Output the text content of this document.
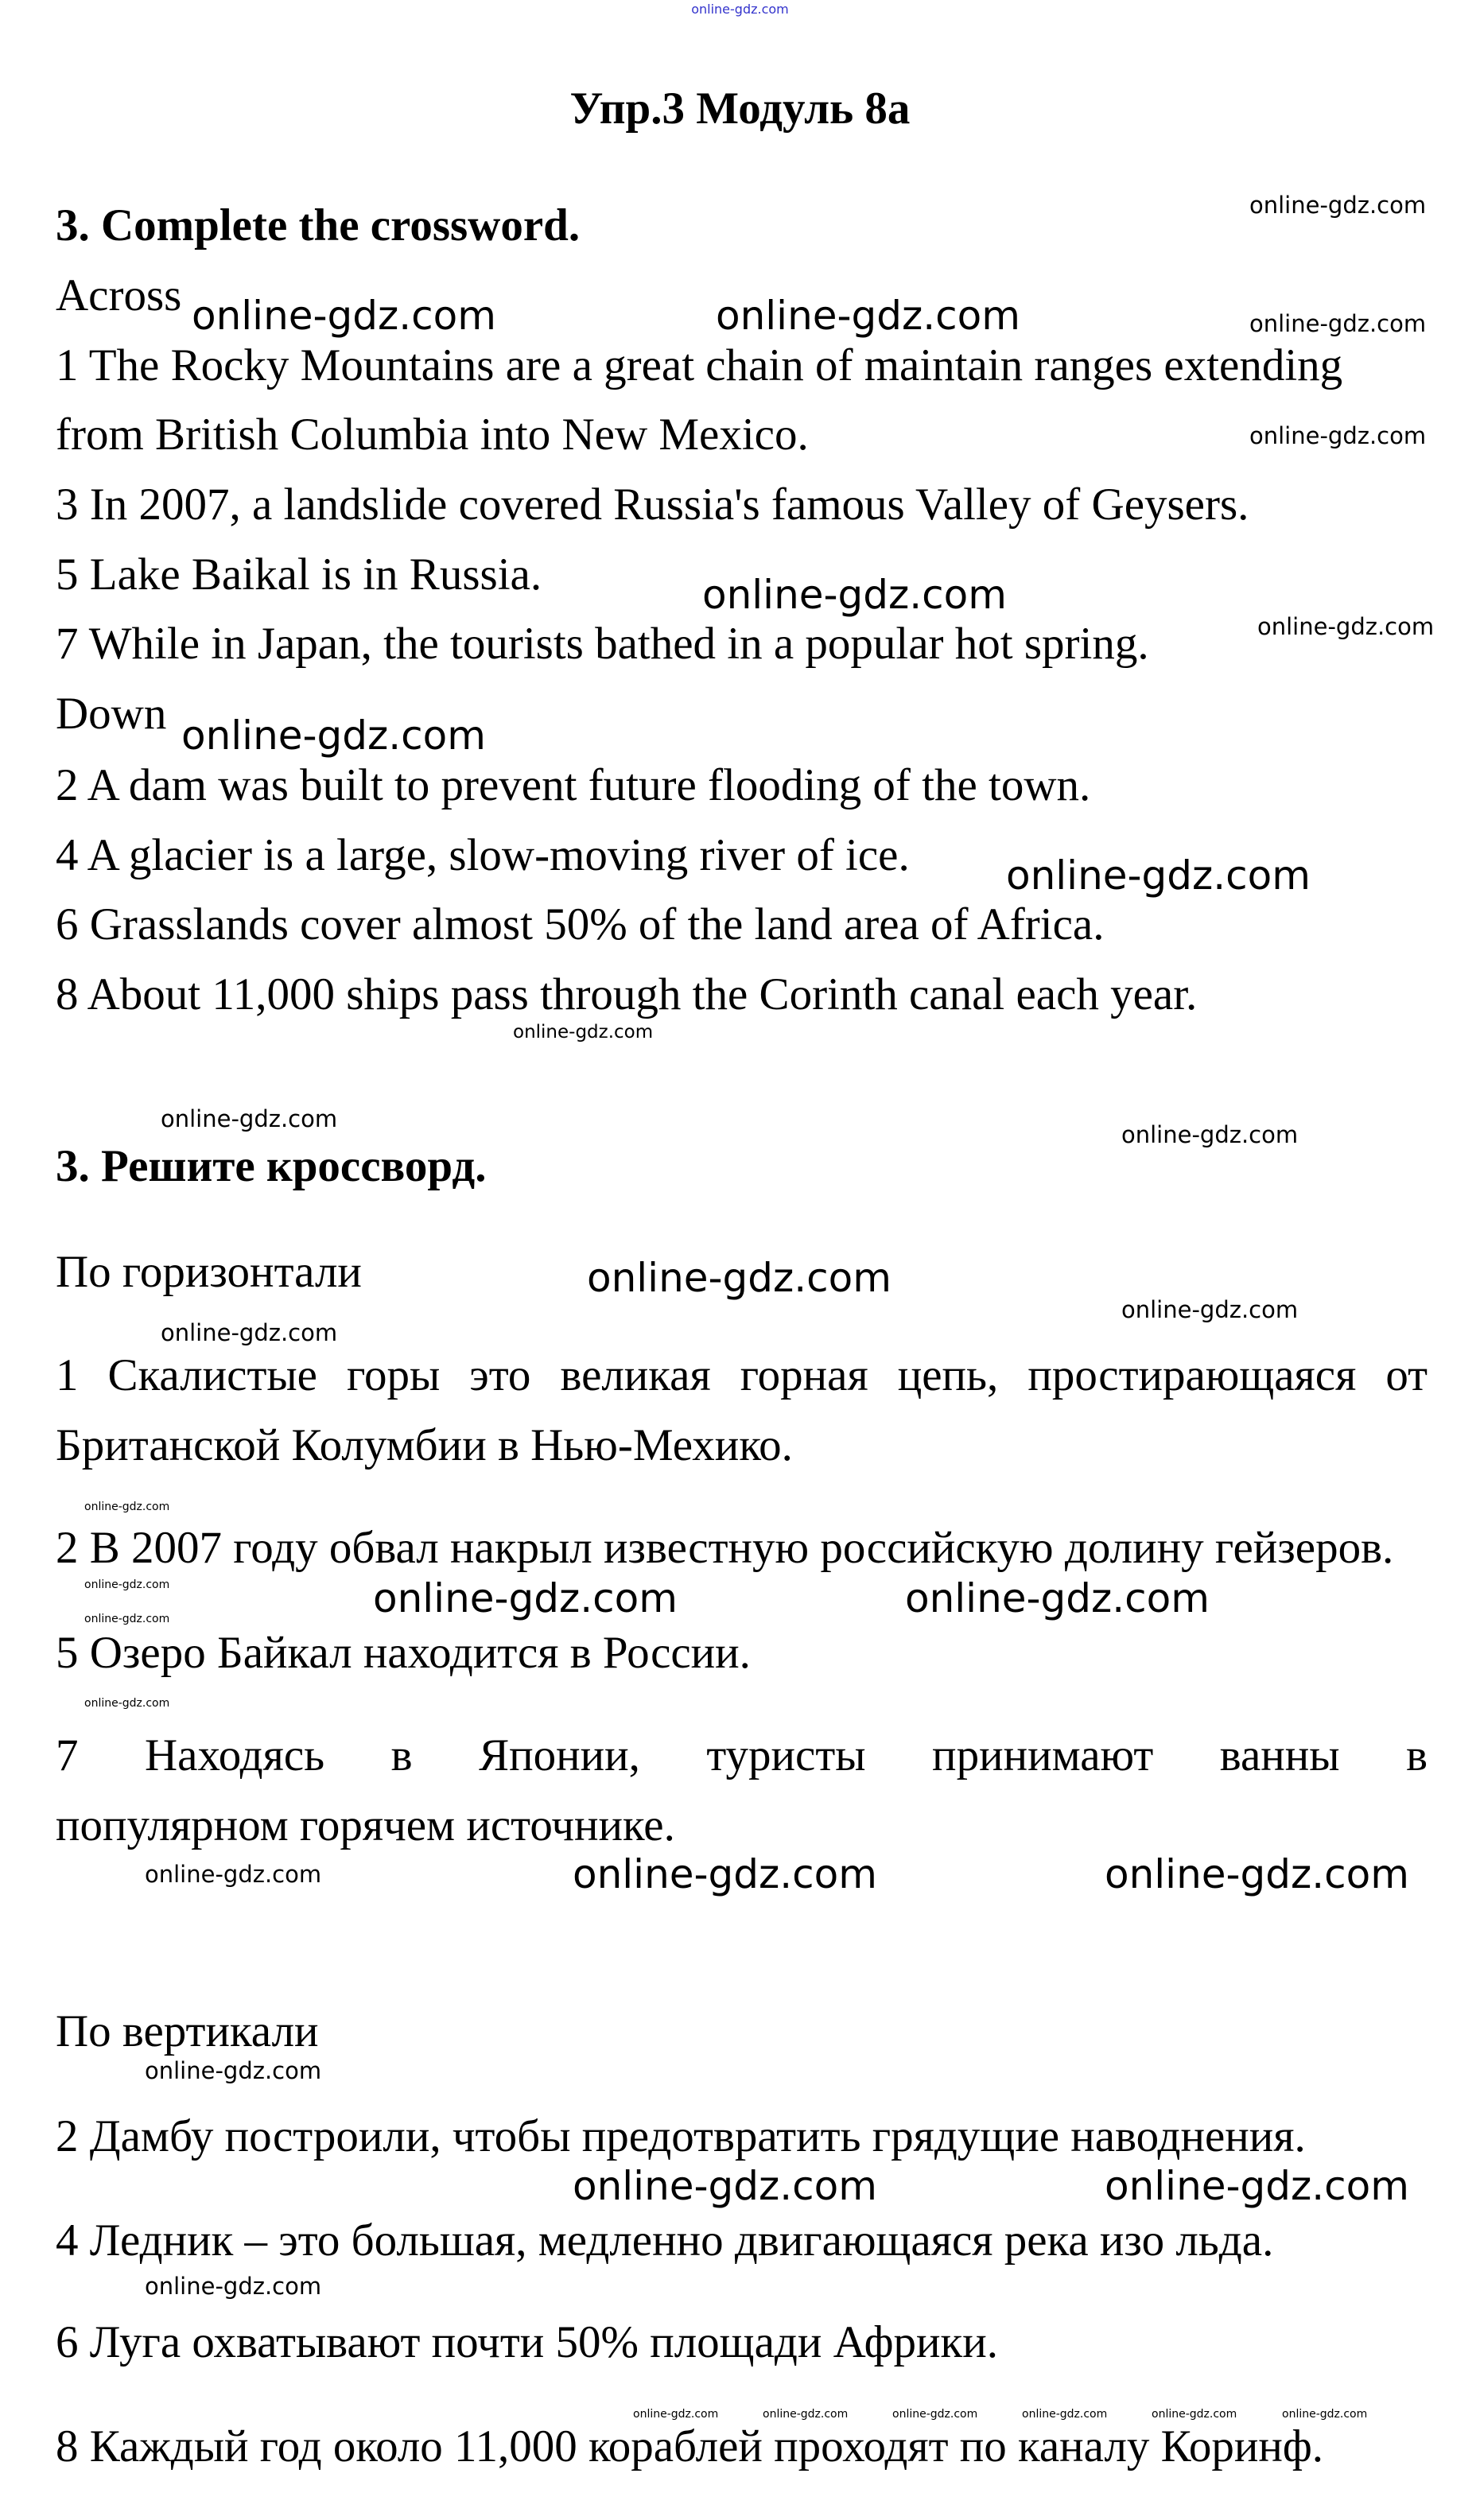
online-gdz.com
Упр.3 Модуль 8а
3. Complete the crossword.
Across
1 The Rocky Mountains are a great chain of maintain ranges extending
from British Columbia into New Mexico.
3 In 2007, a landslide covered Russia's famous Valley of Geysers.
5 Lake Baikal is in Russia.
7 While in Japan, the tourists bathed in a popular hot spring.
Down
2 A dam was built to prevent future flooding of the town.
4 A glacier is a large, slow-moving river of ice.
6 Grasslands cover almost 50% of the land area of Africa.
8 About 11,000 ships pass through the Corinth canal each year.
3. Решите кроссворд.
По горизонтали
1 Скалистые горы это великая горная цепь, простирающаяся от
Британской Колумбии в Нью-Мехико.
2 В 2007 году обвал накрыл известную российскую долину гейзеров.
5 Озеро Байкал находится в России.
7 Находясь в Японии, туристы принимают ванны в
популярном горячем источнике.
По вертикали
2 Дамбу построили, чтобы предотвратить грядущие наводнения.
4 Ледник – это большая, медленно двигающаяся река изо льда.
6 Луга охватывают почти 50% площади Африки.
8 Каждый год около 11,000 кораблей проходят по каналу Коринф.
online-gdz.com	online-gdz.com
online-gdz.com
online-gdz.com
online-gdz.com
online-gdz.com
online-gdz.com	online-gdz.com
online-gdz.com	online-gdz.com
online-gdz.com	online-gdz.com
online-gdz.com
online-gdz.com
online-gdz.com
online-gdz.com
online-gdz.com
online-gdz.com
online-gdz.com
online-gdz.com
online-gdz.com
online-gdz.com
online-gdz.com
online-gdz.com
online-gdz.com
online-gdz.com
online-gdz.com
online-gdz.com
online-gdz.com	online-gdz.com	online-gdz.com	online-gdz.com	online-gdz.com	online-gdz.com
